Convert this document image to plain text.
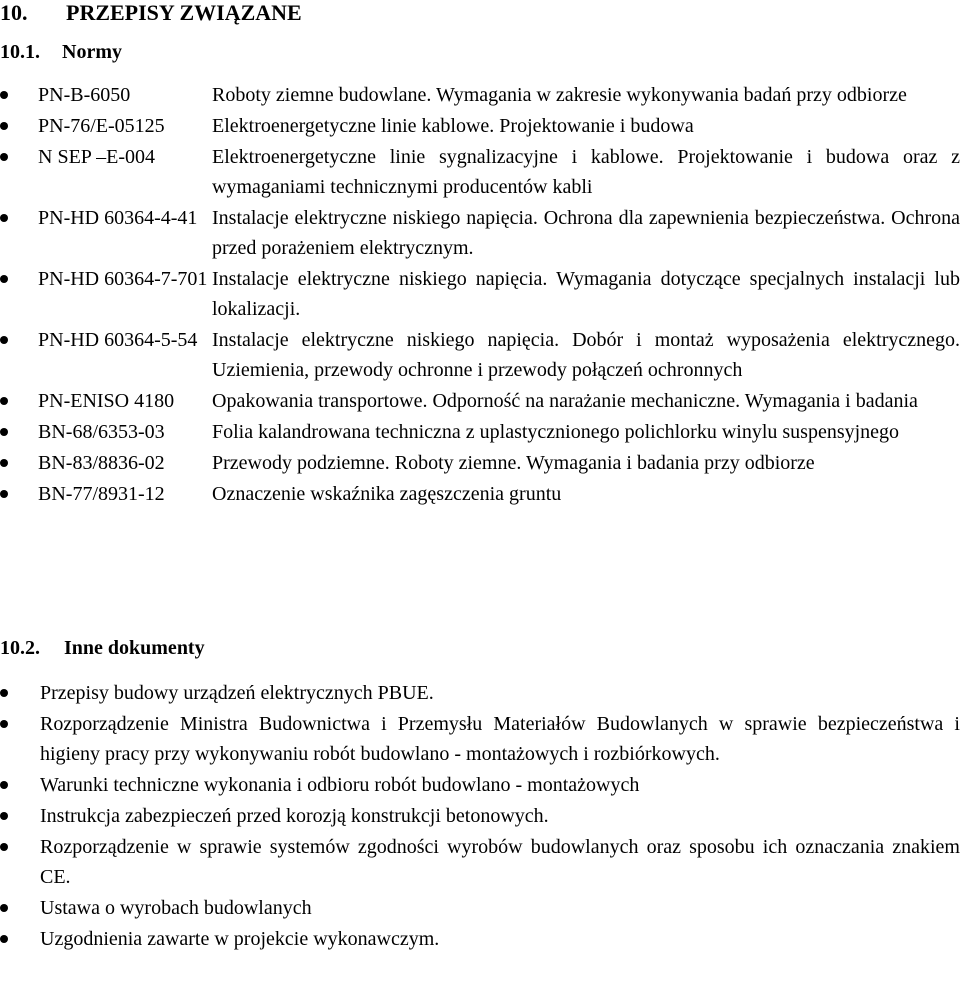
10. PRZEPISY ZWIĄZANE
10.1. Normy
PN-B-6050	Roboty ziemne budowlane. Wymagania w zakresie wykonywania badań przy odbiorze
PN-76/E-05125	Elektroenergetyczne linie kablowe. Projektowanie i budowa
N SEP –E-004	Elektroenergetyczne linie sygnalizacyjne i kablowe. Projektowanie i budowa oraz z wymaganiami technicznymi producentów kabli
PN-HD 60364-4-41 Instalacje elektryczne niskiego napięcia. Ochrona dla zapewnienia bezpieczeństwa. Ochrona przed porażeniem elektrycznym.
PN-HD 60364-7-701 Instalacje elektryczne niskiego napięcia. Wymagania dotyczące specjalnych instalacji lub lokalizacji.
PN-HD 60364-5-54 Instalacje elektryczne niskiego napięcia. Dobór i montaż wyposażenia elektrycznego. Uziemienia, przewody ochronne i przewody połączeń ochronnych
PN-ENISO 4180	Opakowania transportowe. Odporność na narażanie mechaniczne. Wymagania i badania
BN-68/6353-03	Folia kalandrowana techniczna z uplastycznionego polichlorku winylu suspensyjnego
BN-83/8836-02	Przewody podziemne. Roboty ziemne. Wymagania i badania przy odbiorze
BN-77/8931-12	Oznaczenie wskaźnika zagęszczenia gruntu
10.2. Inne dokumenty
Przepisy budowy urządzeń elektrycznych PBUE.
Rozporządzenie Ministra Budownictwa i Przemysłu Materiałów Budowlanych w sprawie bezpieczeństwa i higieny pracy przy wykonywaniu robót budowlano - montażowych i rozbiórkowych.
Warunki techniczne wykonania i odbioru robót budowlano - montażowych
Instrukcja zabezpieczeń przed korozją konstrukcji betonowych.
Rozporządzenie w sprawie systemów zgodności wyrobów budowlanych oraz sposobu ich oznaczania znakiem CE.
Ustawa o wyrobach budowlanych
Uzgodnienia zawarte w projekcie wykonawczym.
